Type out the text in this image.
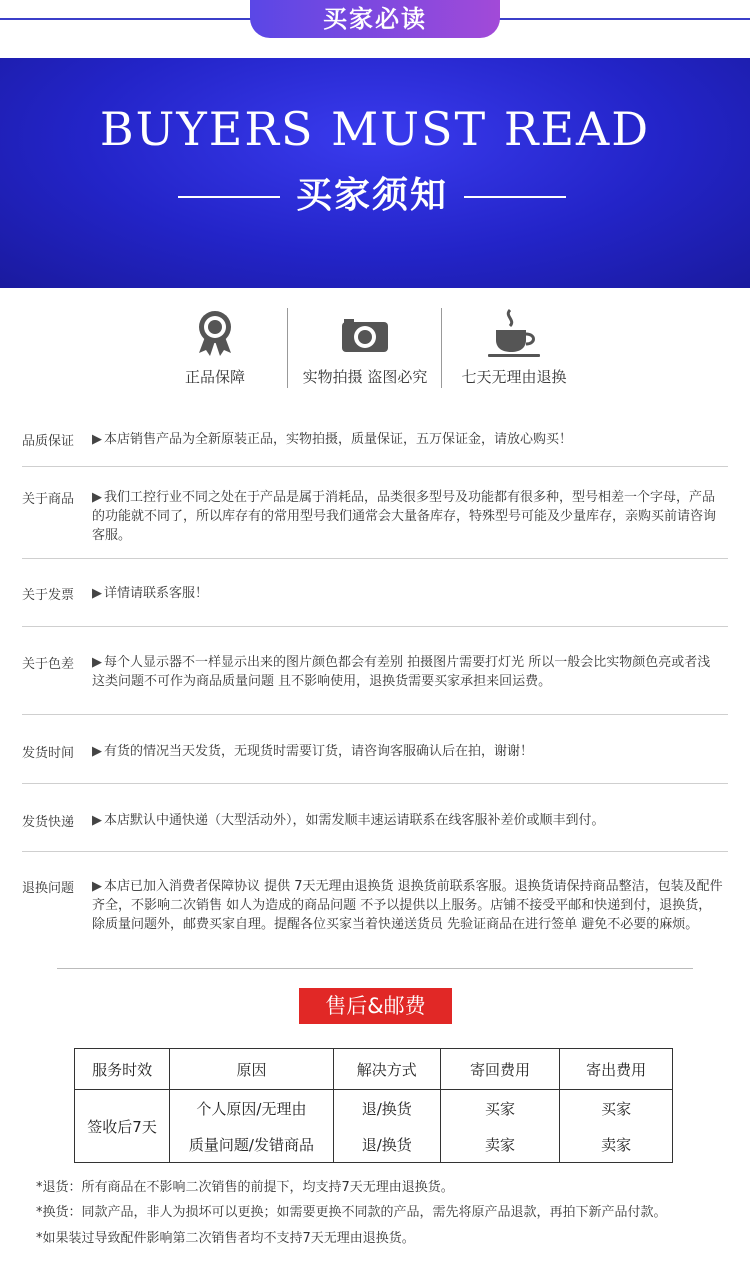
买家必读
BUYERS MUST READ
买家须知
正品保障	实物拍摄 盗图必究	七天无理由退换
品质保证 ▶ 本店销售产品为全新原装正品，实物拍摄，质量保证，五万保证金，请放心购买！
关于商品 ▶ 我们工控行业不同之处在于产品是属于消耗品，品类很多型号及功能都有很多种，型号相差一个字母，产品的功能就不同了，所以库存有的常用型号我们通常会大量备库存，特殊型号可能及少量库存，亲购买前请咨询客服。
关于发票 ▶ 详情请联系客服！
关于色差 ▶ 每个人显示器不一样显示出来的图片颜色都会有差别 拍摄图片需要打灯光 所以一般会比实物颜色亮或者浅 这类问题不可作为商品质量问题 且不影响使用，退换货需要买家承担来回运费。
发货时间 ▶ 有货的情况当天发货，无现货时需要订货，请咨询客服确认后在拍，谢谢！
发货快递 ▶ 本店默认中通快递（大型活动外），如需发顺丰速运请联系在线客服补差价或顺丰到付。
退换问题 ▶ 本店已加入消费者保障协议 提供 7天无理由退换货 退换货前联系客服。退换货请保持商品整洁，包装及配件齐全，不影响二次销售 如人为造成的商品问题 不予以提供以上服务。店铺不接受平邮和快递到付，退换货，除质量问题外，邮费买家自理。提醒各位买家当着快递送货员 先验证商品在进行签单 避免不必要的麻烦。
售后&邮费
服务时效	原因	解决方式	寄回费用	寄出费用
签收后7天	个人原因/无理由	退/换货	买家	买家
	质量问题/发错商品	退/换货	卖家	卖家
*退货：所有商品在不影响二次销售的前提下，均支持7天无理由退换货。
*换货：同款产品，非人为损坏可以更换；如需要更换不同款的产品，需先将原产品退款，再拍下新产品付款。
*如果装过导致配件影响第二次销售者均不支持7天无理由退换货。
